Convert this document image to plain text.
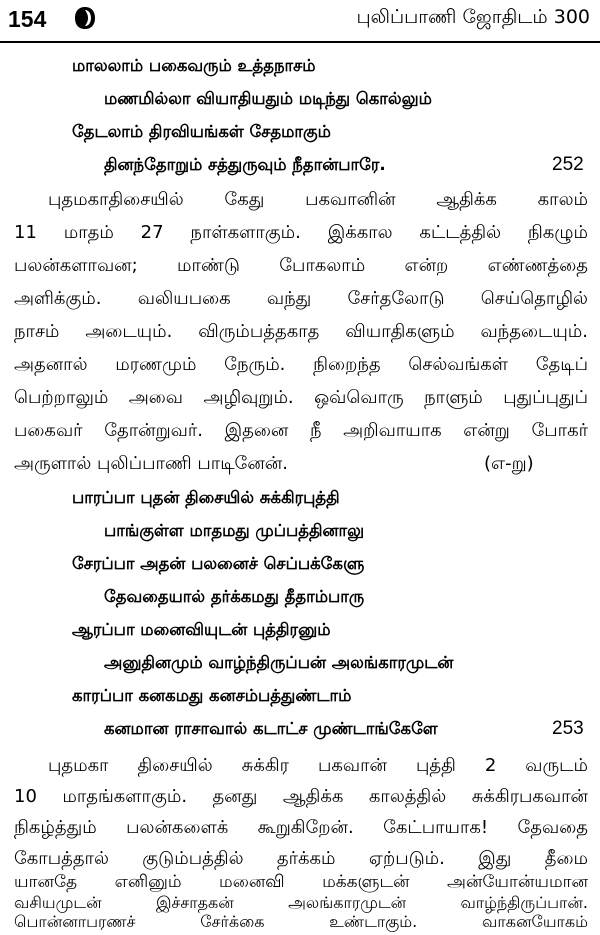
154	புலிப்பாணி ஜோதிடம் 300
மாலலாம் பகைவரும் உத்தநாசம்
மணமில்லா வியாதியதும் மடிந்து கொல்லும்
தேடலாம் திரவியங்கள் சேதமாகும்
தினந்தோறும் சத்துருவும் நீதான்பாரே.	252
புதமகாதிசையில் கேது பகவானின் ஆதிக்க காலம்
11 மாதம் 27 நாள்களாகும். இக்கால கட்டத்தில் நிகழும்
பலன்களாவன; மாண்டு போகலாம் என்ற எண்ணத்தை
அளிக்கும். வலியபகை வந்து சேர்தலோடு செய்தொழில்
நாசம் அடையும். விரும்பத்தகாத வியாதிகளும் வந்தடையும்.
அதனால் மரணமும் நேரும். நிறைந்த செல்வங்கள் தேடிப்
பெற்றாலும் அவை அழிவுறும். ஒவ்வொரு நாளும் புதுப்புதுப்
பகைவர் தோன்றுவர். இதனை நீ அறிவாயாக என்று போகர்
அருளால் புலிப்பாணி பாடினேன்.	(எ-று)
பாரப்பா புதன் திசையில் சுக்கிரபுத்தி
பாங்குள்ள மாதமது முப்பத்தினாலு
சேரப்பா அதன் பலனைச் செப்பக்கேளு
தேவதையால் தர்க்கமது தீதாம்பாரு
ஆரப்பா மனைவியுடன் புத்திரனும்
அனுதினமும் வாழ்ந்திருப்பன் அலங்காரமுடன்
காரப்பா கனகமது கனசம்பத்துண்டாம்
கனமான ராசாவால் கடாட்ச முண்டாங்கேளே	253
புதமகா திசையில் சுக்கிர பகவான் புத்தி 2 வருடம்
10 மாதங்களாகும். தனது ஆதிக்க காலத்தில் சுக்கிரபகவான்
நிகழ்த்தும் பலன்களைக் கூறுகிறேன். கேட்பாயாக! தேவதை
கோபத்தால் குடும்பத்தில் தர்க்கம் ஏற்படும். இது தீமை
யானதே எனினும் மனைவி மக்களுடன் அன்யோன்யமான
வசியமுடன் இச்சாதகன் அலங்காரமுடன் வாழ்ந்திருப்பான்.
பொன்னாபரணச் சேர்க்கை உண்டாகும். வாகனயோகம்
